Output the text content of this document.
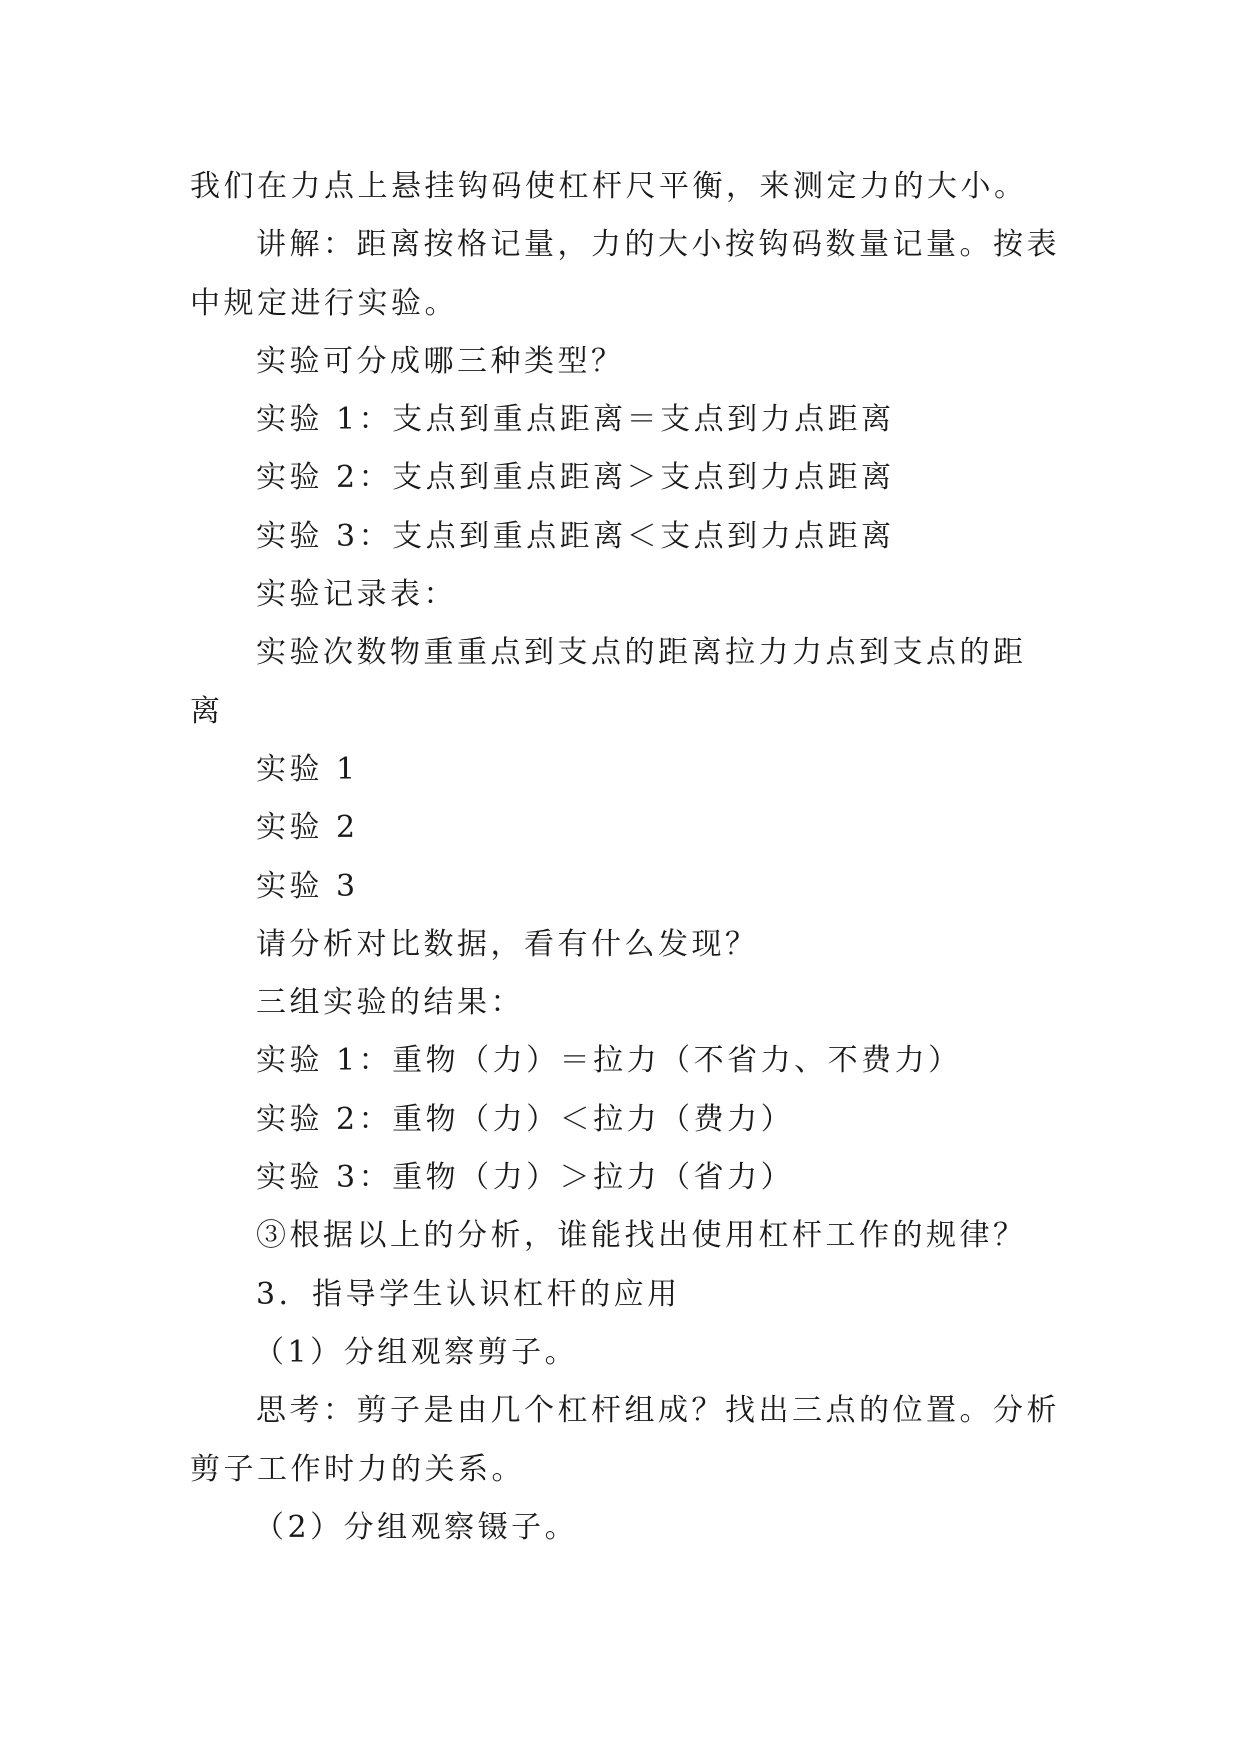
我们在力点上悬挂钩码使杠杆尺平衡，来测定力的大小。
讲解：距离按格记量，力的大小按钩码数量记量。按表
中规定进行实验。
实验可分成哪三种类型？
实验 1：支点到重点距离＝支点到力点距离
实验 2：支点到重点距离＞支点到力点距离
实验 3：支点到重点距离＜支点到力点距离
实验记录表：
实验次数物重重点到支点的距离拉力力点到支点的距
离
实验 1
实验 2
实验 3
请分析对比数据，看有什么发现？
三组实验的结果：
实验 1：重物（力）＝拉力（不省力、不费力）
实验 2：重物（力）＜拉力（费力）
实验 3：重物（力）＞拉力（省力）
③根据以上的分析，谁能找出使用杠杆工作的规律？
3．指导学生认识杠杆的应用
（1）分组观察剪子。
思考：剪子是由几个杠杆组成？找出三点的位置。分析
剪子工作时力的关系。
（2）分组观察镊子。
